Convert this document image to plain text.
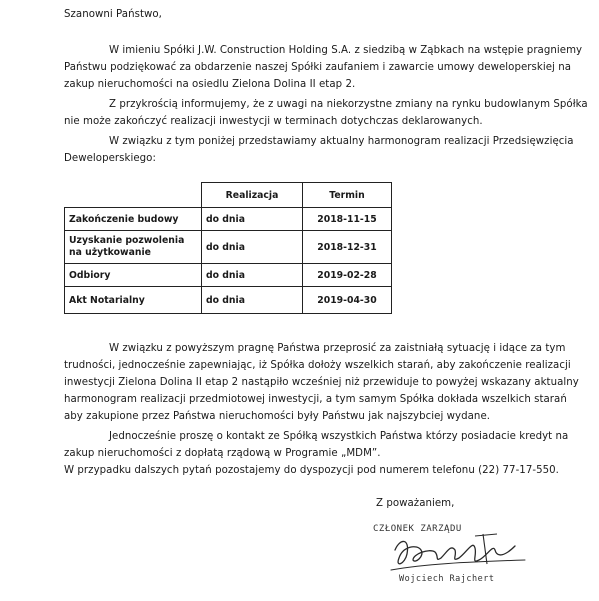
Szanowni Państwo,
W imieniu Spółki J.W. Construction Holding S.A. z siedzibą w Ząbkach na wstępie pragniemy
Państwu podziękować za obdarzenie naszej Spółki zaufaniem i zawarcie umowy deweloperskiej na
zakup nieruchomości na osiedlu Zielona Dolina II etap 2.
Z przykrością informujemy, że z uwagi na niekorzystne zmiany na rynku budowlanym Spółka
nie może zakończyć realizacji inwestycji w terminach dotychczas deklarowanych.
W związku z tym poniżej przedstawiamy aktualny harmonogram realizacji Przedsięwzięcia
Deweloperskiego:
	Realizacja	Termin
Zakończenie budowy	do dnia	2018-11-15
Uzyskanie pozwolenia na użytkowanie	do dnia	2018-12-31
Odbiory	do dnia	2019-02-28
Akt Notarialny	do dnia	2019-04-30
W związku z powyższym pragnę Państwa przeprosić za zaistniałą sytuację i idące za tym
trudności, jednocześnie zapewniając, iż Spółka dołoży wszelkich starań, aby zakończenie realizacji
inwestycji Zielona Dolina II etap 2 nastąpiło wcześniej niż przewiduje to powyżej wskazany aktualny
harmonogram realizacji przedmiotowej inwestycji, a tym samym Spółka dokłada wszelkich starań
aby zakupione przez Państwa nieruchomości były Państwu jak najszybciej wydane.
Jednocześnie proszę o kontakt ze Spółką wszystkich Państwa którzy posiadacie kredyt na
zakup nieruchomości z dopłatą rządową w Programie „MDM”.
W przypadku dalszych pytań pozostajemy do dyspozycji pod numerem telefonu (22) 77-17-550.
Z poważaniem,
CZŁONEK ZARZĄDU
Wojciech Rajchert
